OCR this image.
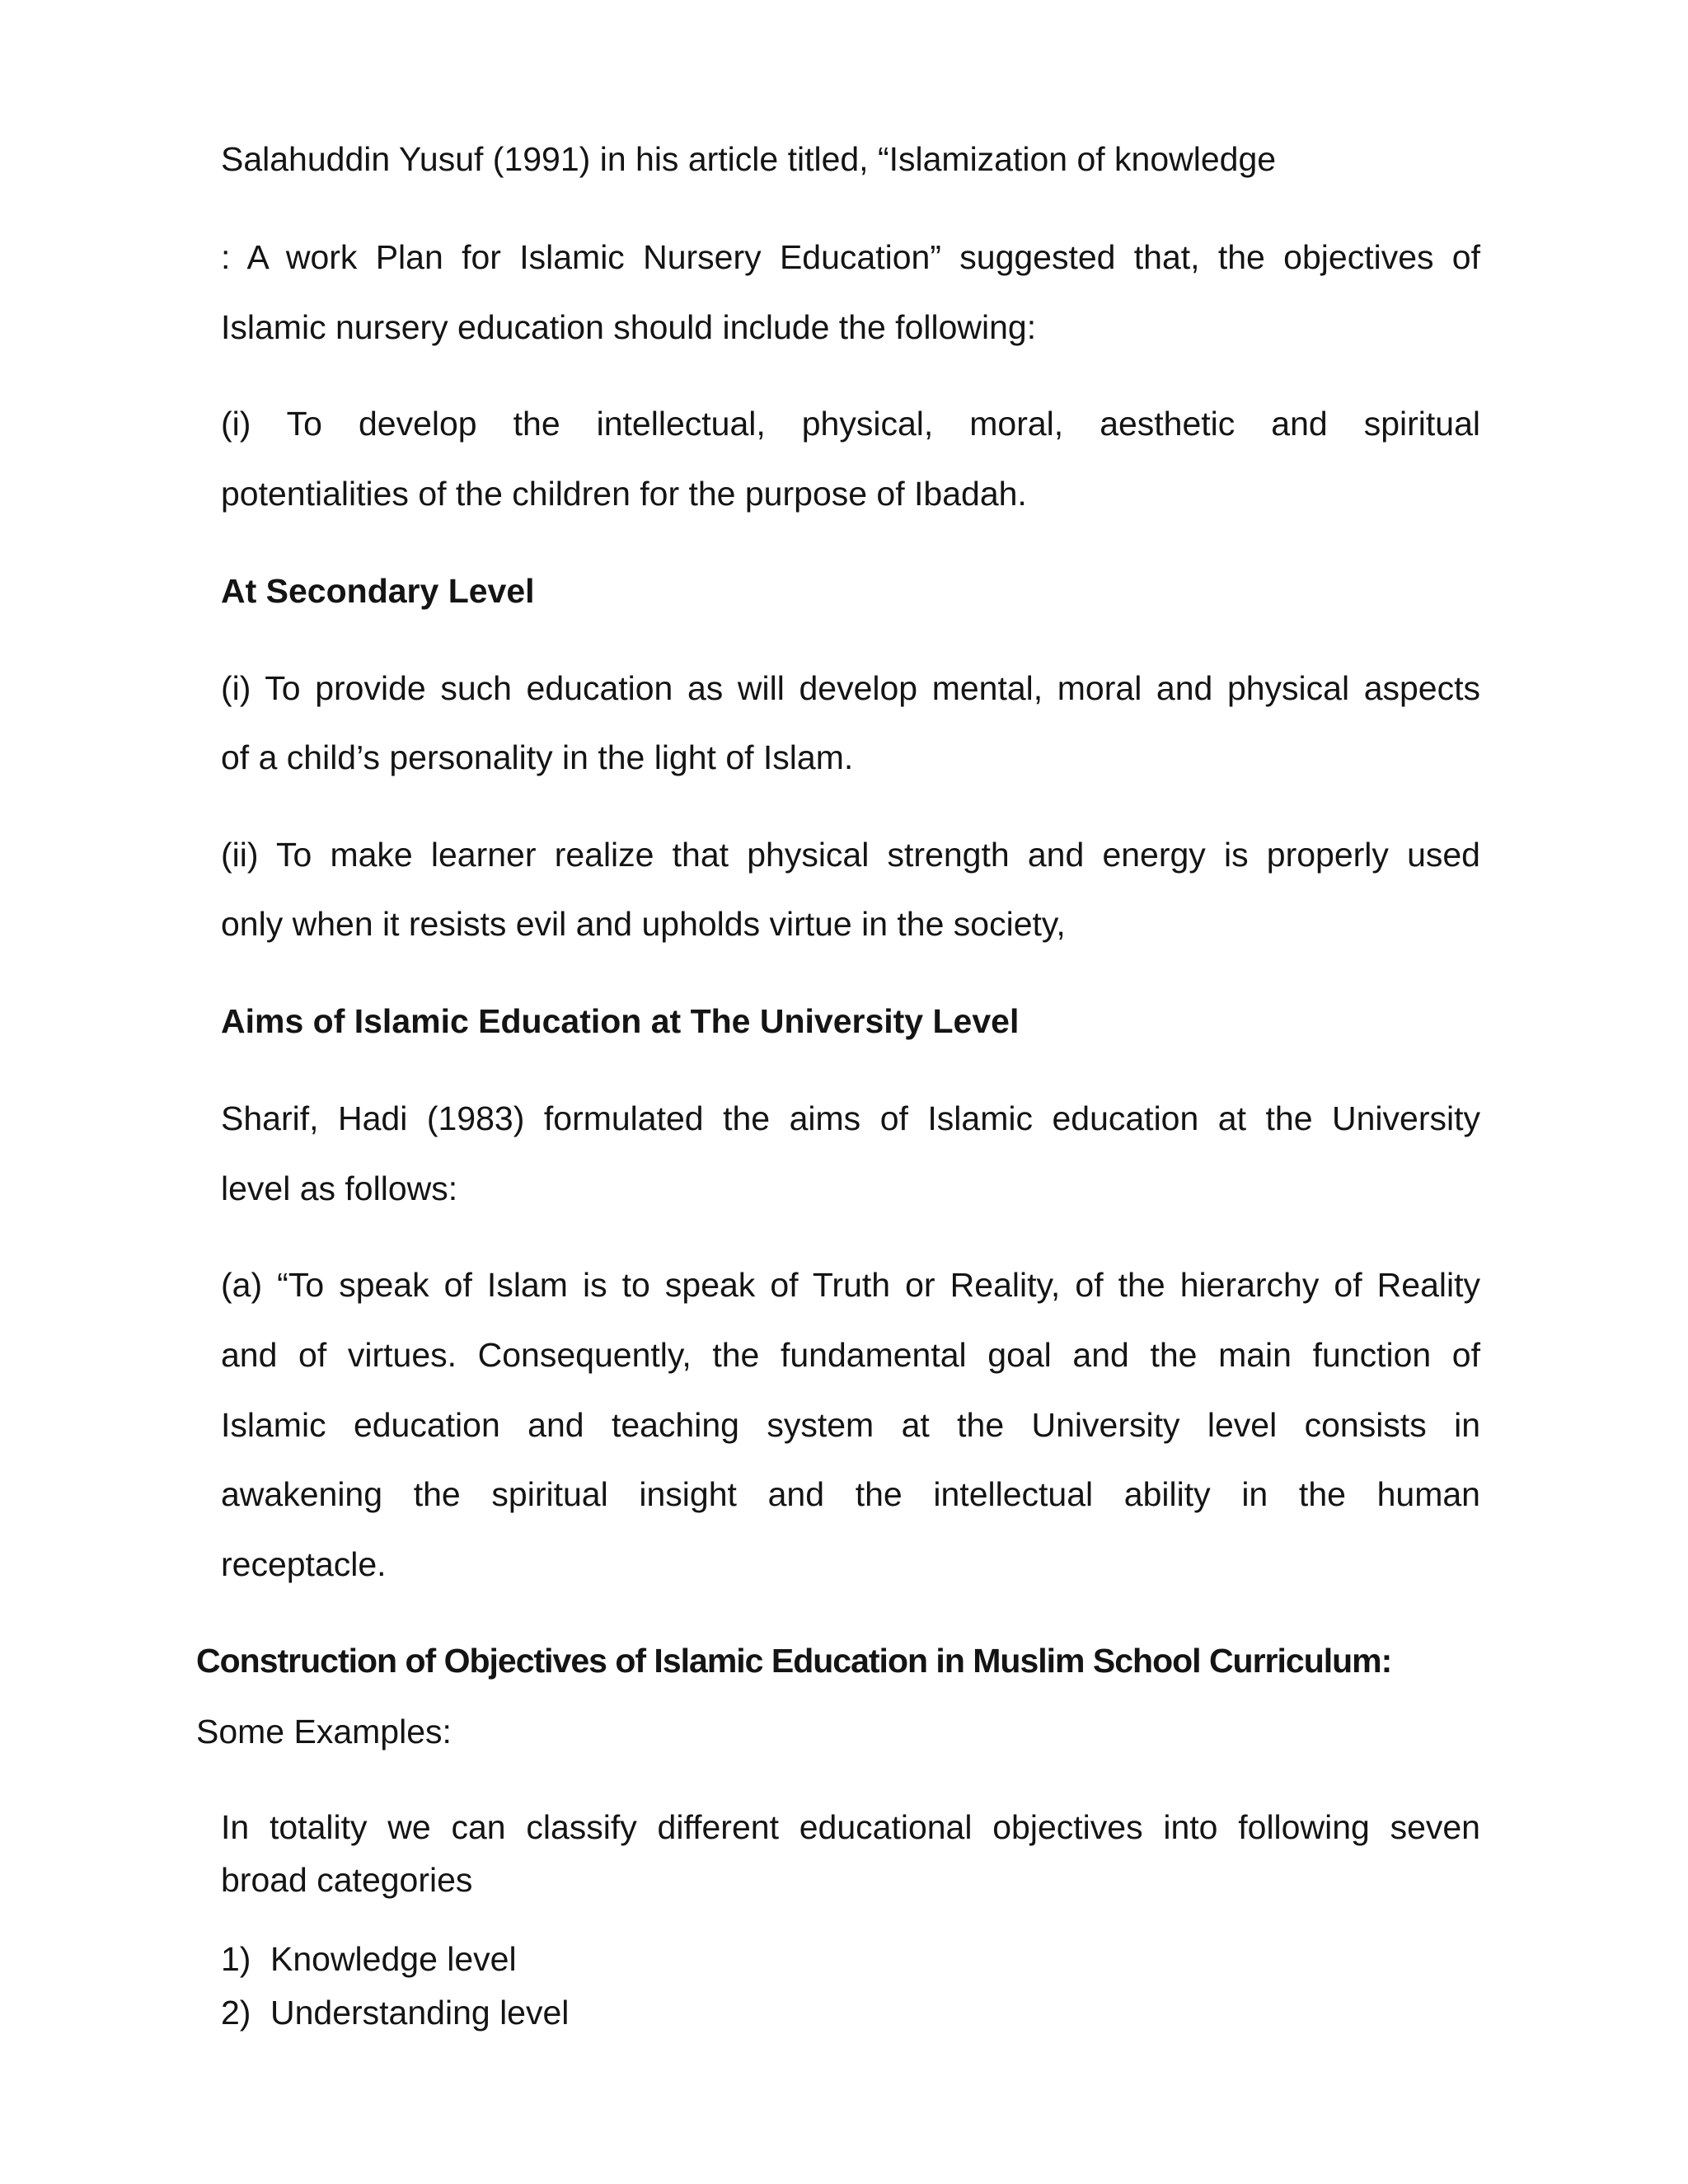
Salahuddin Yusuf (1991) in his article titled, “Islamization of knowledge
: A work Plan for Islamic Nursery Education” suggested that, the objectives of
Islamic nursery education should include the following:
(i) To develop the intellectual, physical, moral, aesthetic and spiritual
potentialities of the children for the purpose of Ibadah.
At Secondary Level
(i) To provide such education as will develop mental, moral and physical aspects
of a child’s personality in the light of Islam.
(ii) To make learner realize that physical strength and energy is properly used
only when it resists evil and upholds virtue in the society,
Aims of Islamic Education at The University Level
Sharif, Hadi (1983) formulated the aims of Islamic education at the University
level as follows:
(a) “To speak of Islam is to speak of Truth or Reality, of the hierarchy of Reality
and of virtues. Consequently, the fundamental goal and the main function of
Islamic education and teaching system at the University level consists in
awakening the spiritual insight and the intellectual ability in the human
receptacle.
Construction of Objectives of Islamic Education in Muslim School Curriculum:
Some Examples:
In totality we can classify different educational objectives into following seven
broad categories
1) Knowledge level
2) Understanding level
